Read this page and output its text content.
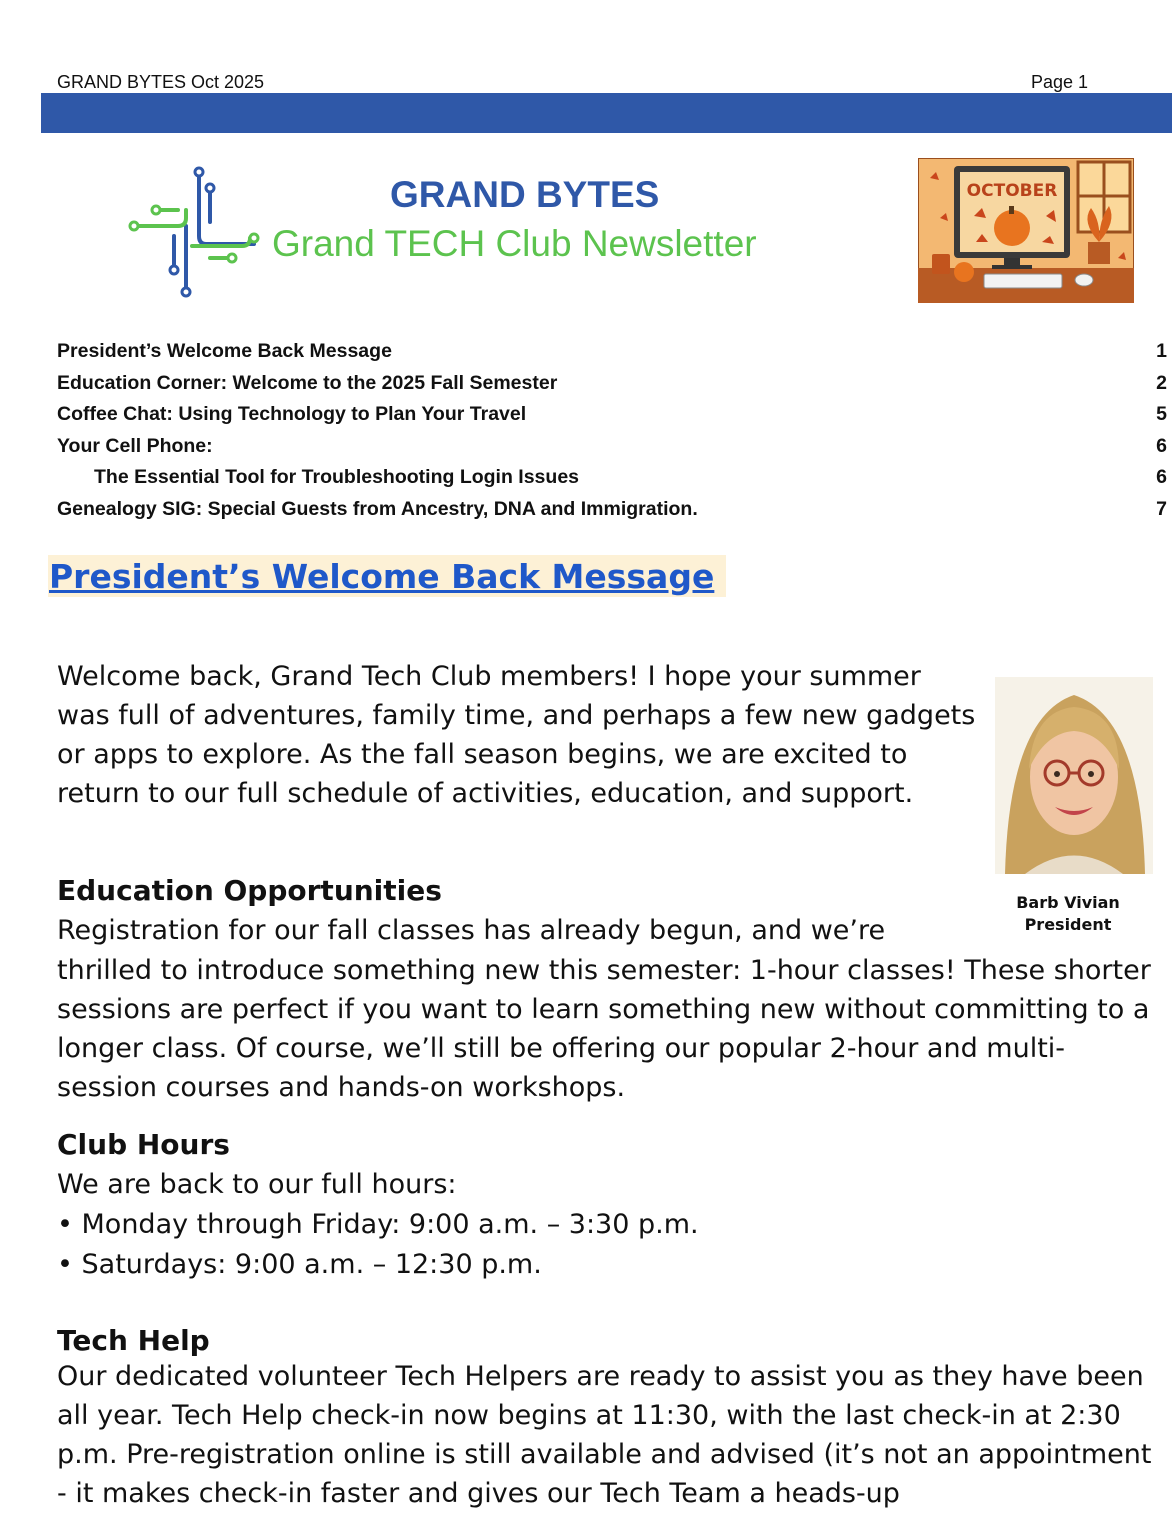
GRAND BYTES Oct 2025	Page 1
GRAND BYTES
Grand TECH Club Newsletter
OCTOBER
President’s Welcome Back Message	1
Education Corner: Welcome to the 2025 Fall Semester	2
Coffee Chat: Using Technology to Plan Your Travel	5
Your Cell Phone:	6
The Essential Tool for Troubleshooting Login Issues	6
Genealogy SIG: Special Guests from Ancestry, DNA and Immigration.	7
President’s Welcome Back Message
Welcome back, Grand Tech Club members! I hope your summer was full of adventures, family time, and perhaps a few new gadgets or apps to explore. As the fall season begins, we are excited to return to our full schedule of activities, education, and support.
Barb Vivian
President
Education Opportunities
Registration for our fall classes has already begun, and we’re
thrilled to introduce something new this semester: 1-hour classes! These shorter sessions are perfect if you want to learn something new without committing to a longer class. Of course, we’ll still be offering our popular 2-hour and multi-session courses and hands-on workshops.
Club Hours
We are back to our full hours:
• Monday through Friday: 9:00 a.m. – 3:30 p.m.
• Saturdays: 9:00 a.m. – 12:30 p.m.
Tech Help
Our dedicated volunteer Tech Helpers are ready to assist you as they have been all year. Tech Help check-in now begins at 11:30, with the last check-in at 2:30 p.m. Pre-registration online is still available and advised (it’s not an appointment - it makes check-in faster and gives our Tech Team a heads-up
